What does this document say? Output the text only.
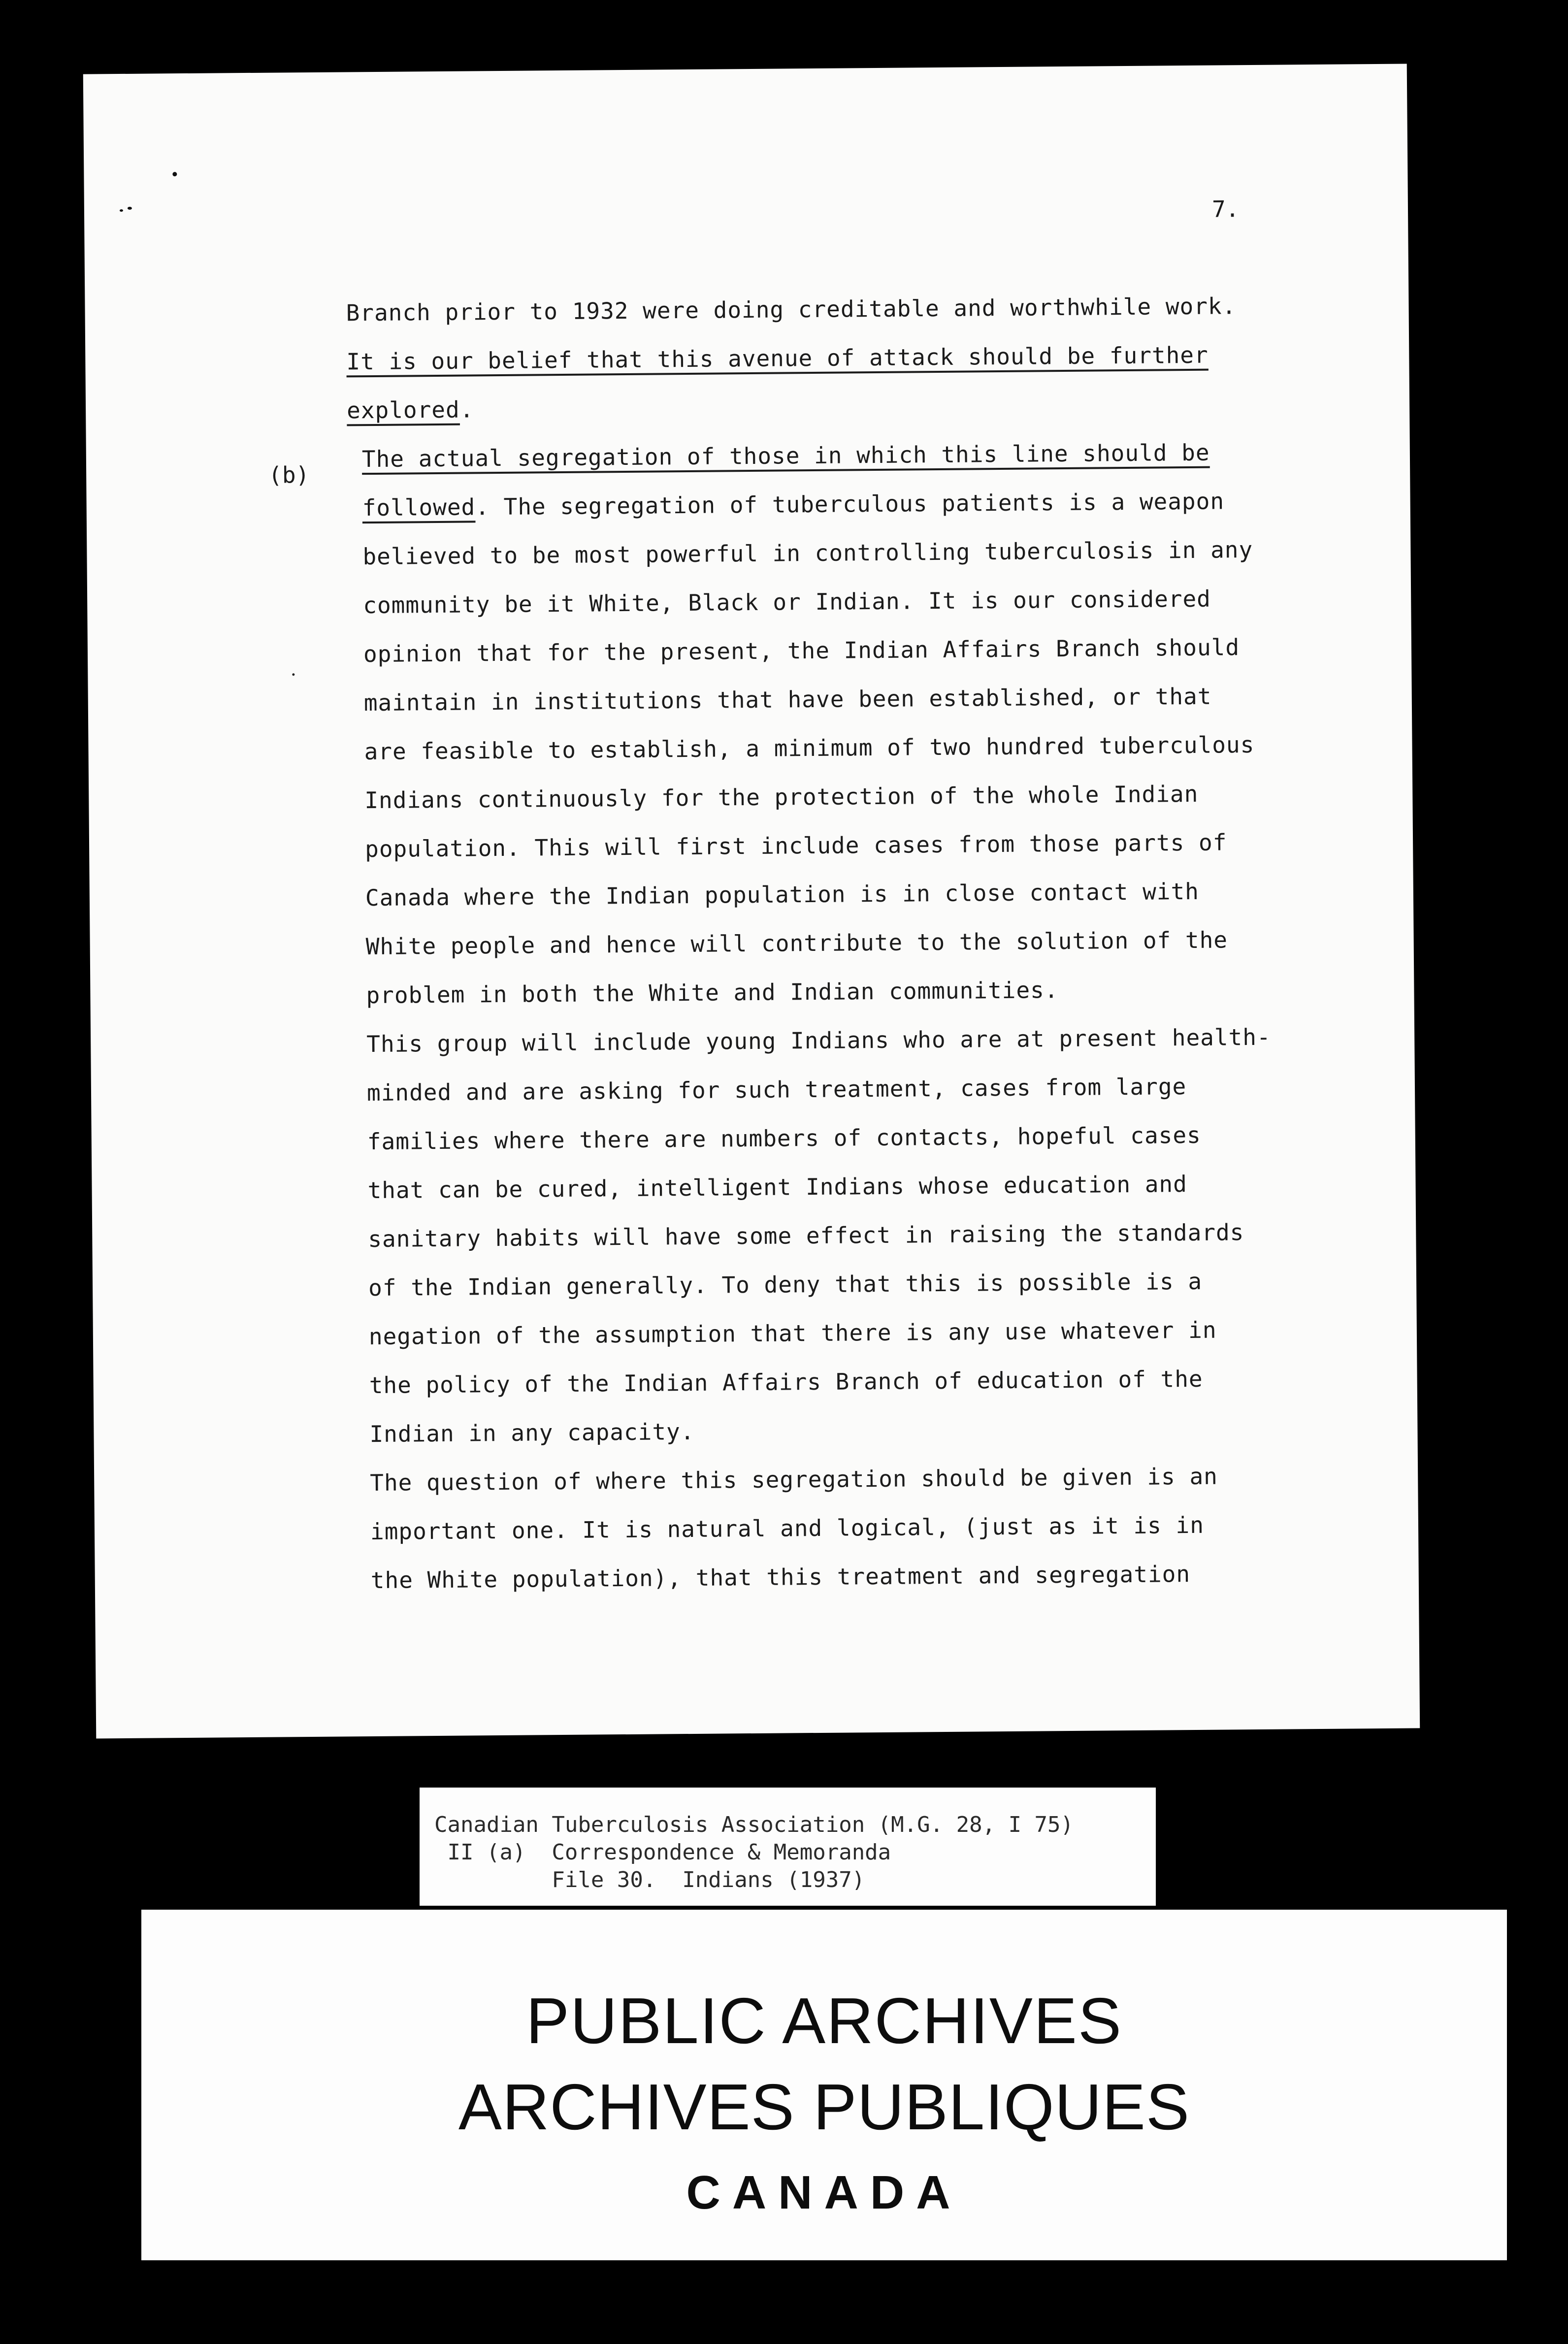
7.
(b)
Branch prior to 1932 were doing creditable and worthwhile work.
It is our belief that this avenue of attack should be further
explored.
The actual segregation of those in which this line should be
followed. The segregation of tuberculous patients is a weapon
believed to be most powerful in controlling tuberculosis in any
community be it White, Black or Indian. It is our considered
opinion that for the present, the Indian Affairs Branch should
maintain in institutions that have been established, or that
are feasible to establish, a minimum of two hundred tuberculous
Indians continuously for the protection of the whole Indian
population. This will first include cases from those parts of
Canada where the Indian population is in close contact with
White people and hence will contribute to the solution of the
problem in both the White and Indian communities.
This group will include young Indians who are at present health-
minded and are asking for such treatment, cases from large
families where there are numbers of contacts, hopeful cases
that can be cured, intelligent Indians whose education and
sanitary habits will have some effect in raising the standards
of the Indian generally. To deny that this is possible is a
negation of the assumption that there is any use whatever in
the policy of the Indian Affairs Branch of education of the
Indian in any capacity.
The question of where this segregation should be given is an
important one. It is natural and logical, (just as it is in
the White population), that this treatment and segregation
Canadian Tuberculosis Association (M.G. 28, I 75)
II (a)  Correspondence & Memoranda
File 30.  Indians (1937)
PUBLIC ARCHIVES
ARCHIVES PUBLIQUES
CANADA
